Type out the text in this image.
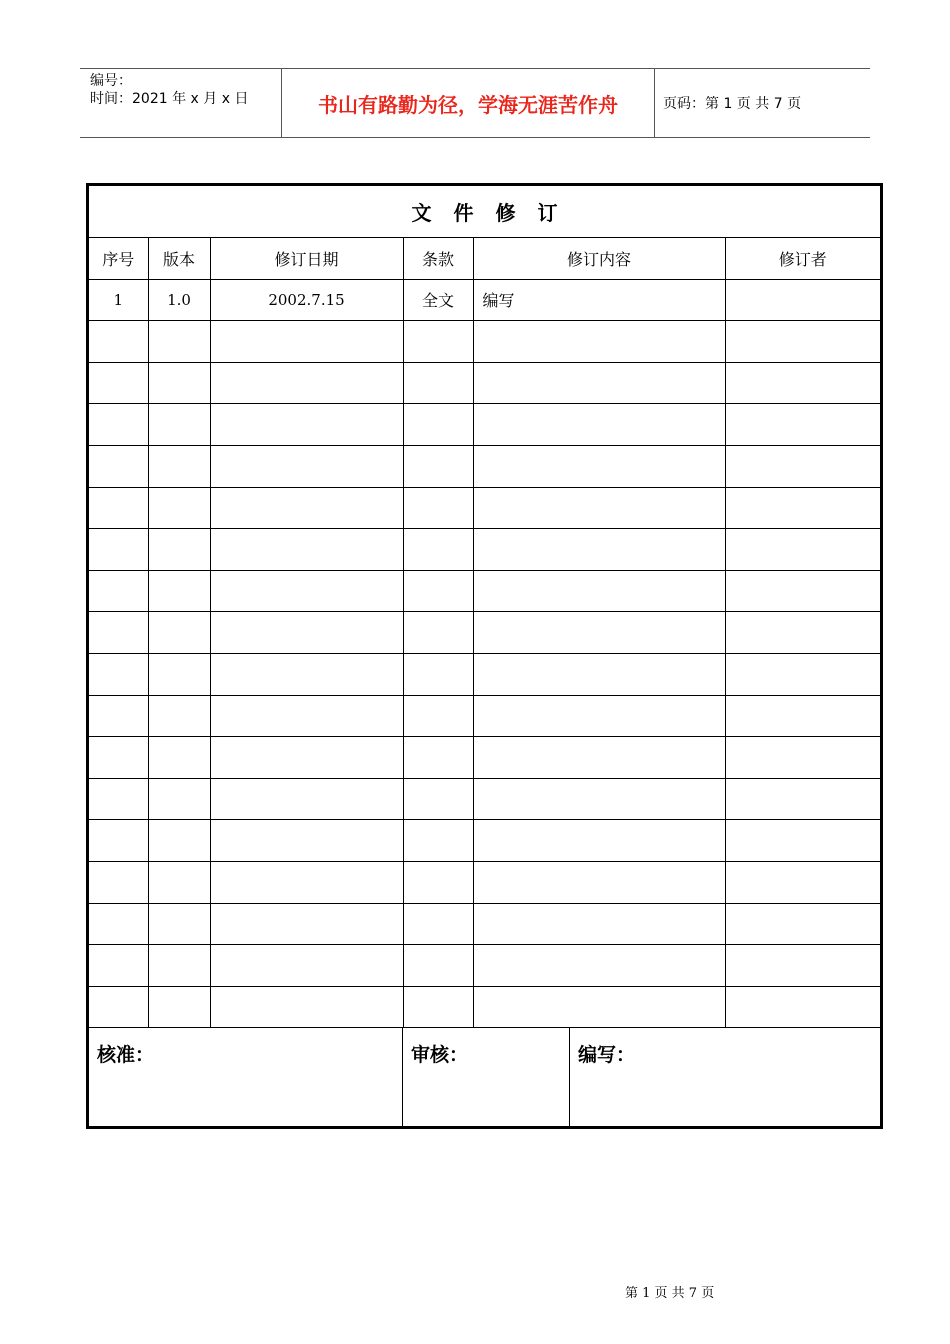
编号：
时间：2021 年 x 月 x 日	书山有路勤为径，学海无涯苦作舟	页码：第 1 页 共 7 页
文件修订					
序号	版本	修订日期	条款	修订内容	修订者
1	1.0	2002.7.15	全文	编写	

核准：	审核：	编写：
第 1 页 共 7 页
